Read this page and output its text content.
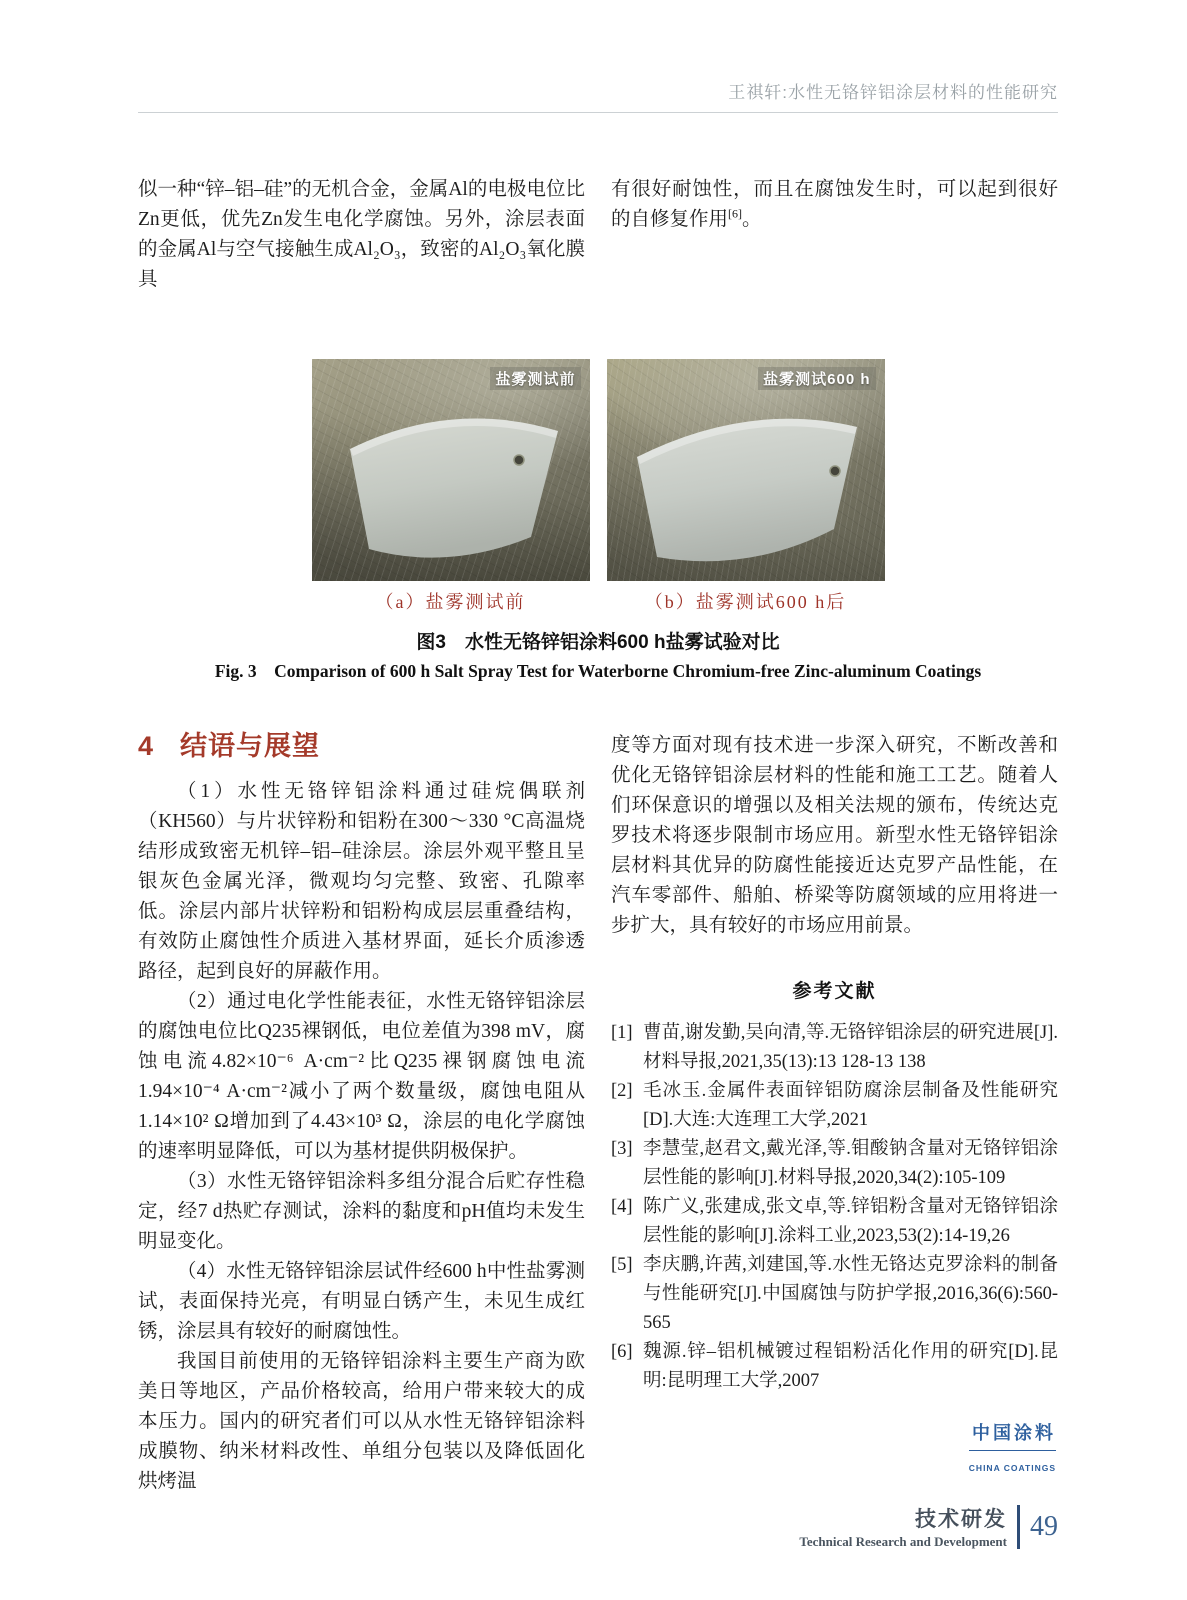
王祺轩:水性无铬锌铝涂层材料的性能研究

似一种“锌–铝–硅”的无机合金，金属Al的电极电位比Zn更低，优先Zn发生电化学腐蚀。另外，涂层表面的金属Al与空气接触生成Al₂O₃，致密的Al₂O₃氧化膜具

有很好耐蚀性，而且在腐蚀发生时，可以起到很好的自修复作用[6]。

盐雾测试前	盐雾测试600 h
（a）盐雾测试前	（b）盐雾测试600 h后
图3　水性无铬锌铝涂料600 h盐雾试验对比
Fig. 3　Comparison of 600 h Salt Spray Test for Waterborne Chromium-free Zinc-aluminum Coatings
4 结语与展望

（1）水性无铬锌铝涂料通过硅烷偶联剂（KH560）与片状锌粉和铝粉在300～330 °C高温烧结形成致密无机锌–铝–硅涂层。涂层外观平整且呈银灰色金属光泽，微观均匀完整、致密、孔隙率低。涂层内部片状锌粉和铝粉构成层层重叠结构，有效防止腐蚀性介质进入基材界面，延长介质渗透路径，起到良好的屏蔽作用。

（2）通过电化学性能表征，水性无铬锌铝涂层的腐蚀电位比Q235裸钢低，电位差值为398 mV，腐蚀电流4.82×10⁻⁶ A·cm⁻²比Q235裸钢腐蚀电流1.94×10⁻⁴ A·cm⁻²减小了两个数量级，腐蚀电阻从1.14×10² Ω增加到了4.43×10³ Ω，涂层的电化学腐蚀的速率明显降低，可以为基材提供阴极保护。

（3）水性无铬锌铝涂料多组分混合后贮存性稳定，经7 d热贮存测试，涂料的黏度和pH值均未发生明显变化。

（4）水性无铬锌铝涂层试件经600 h中性盐雾测试，表面保持光亮，有明显白锈产生，未见生成红锈，涂层具有较好的耐腐蚀性。

我国目前使用的无铬锌铝涂料主要生产商为欧美日等地区，产品价格较高，给用户带来较大的成本压力。国内的研究者们可以从水性无铬锌铝涂料成膜物、纳米材料改性、单组分包装以及降低固化烘烤温

度等方面对现有技术进一步深入研究，不断改善和优化无铬锌铝涂层材料的性能和施工工艺。随着人们环保意识的增强以及相关法规的颁布，传统达克罗技术将逐步限制市场应用。新型水性无铬锌铝涂层材料其优异的防腐性能接近达克罗产品性能，在汽车零部件、船舶、桥梁等防腐领域的应用将进一步扩大，具有较好的市场应用前景。

参考文献
[1] 曹苗,谢发勤,吴向清,等.无铬锌铝涂层的研究进展[J].材料导报,2021,35(13):13 128-13 138
[2] 毛冰玉.金属件表面锌铝防腐涂层制备及性能研究[D].大连:大连理工大学,2021
[3] 李慧莹,赵君文,戴光泽,等.钼酸钠含量对无铬锌铝涂层性能的影响[J].材料导报,2020,34(2):105-109
[4] 陈广义,张建成,张文卓,等.锌铝粉含量对无铬锌铝涂层性能的影响[J].涂料工业,2023,53(2):14-19,26
[5] 李庆鹏,许茜,刘建国,等.水性无铬达克罗涂料的制备与性能研究[J].中国腐蚀与防护学报,2016,36(6):560-565
[6] 魏源.锌–铝机械镀过程铝粉活化作用的研究[D].昆明:昆明理工大学,2007
中国涂料
CHINA COATINGS
技术研发
Technical Research and Development 49
